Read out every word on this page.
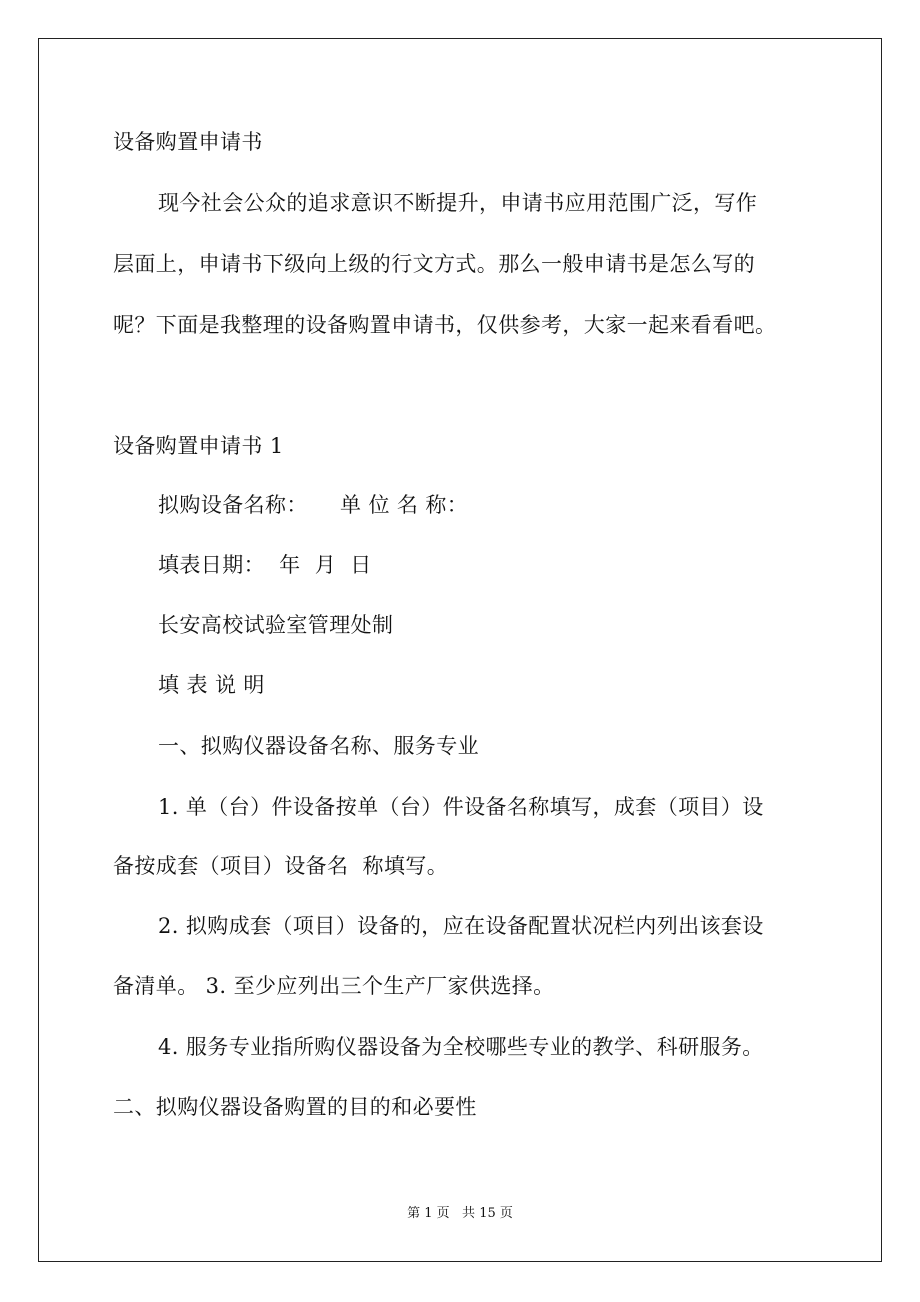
设备购置申请书
现今社会公众的追求意识不断提升，申请书应用范围广泛，写作
层面上，申请书下级向上级的行文方式。那么一般申请书是怎么写的
呢？下面是我整理的设备购置申请书，仅供参考，大家一起来看看吧。
设备购置申请书 1
拟购设备名称： 单 位 名 称：
填表日期：  年  月  日
长安高校试验室管理处制
填 表 说 明
一、拟购仪器设备名称、服务专业
1. 单（台）件设备按单（台）件设备名称填写，成套（项目）设
备按成套（项目）设备名  称填写。
2. 拟购成套（项目）设备的，应在设备配置状况栏内列出该套设
备清单。 3. 至少应列出三个生产厂家供选择。
4. 服务专业指所购仪器设备为全校哪些专业的教学、科研服务。
二、拟购仪器设备购置的目的和必要性
第 1 页   共 15 页
